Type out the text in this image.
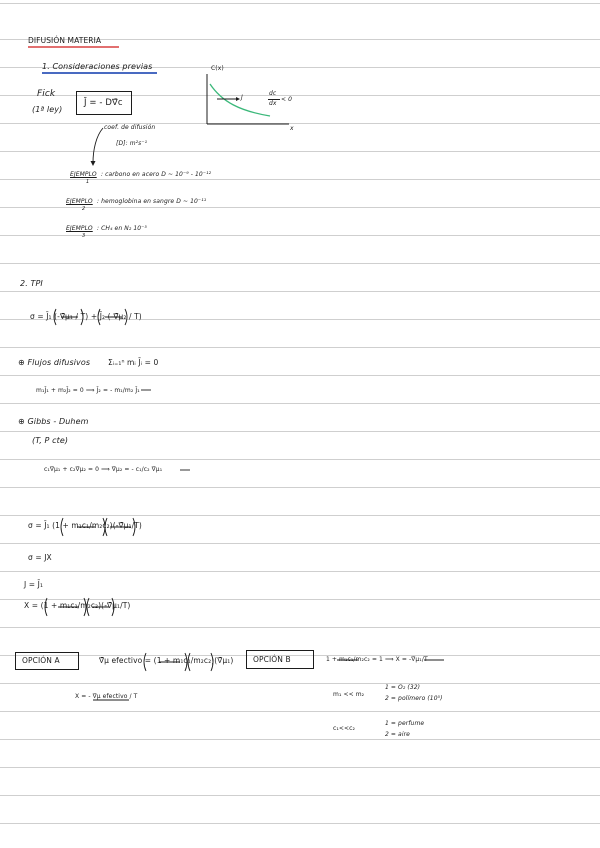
DIFUSIÓN MATERIA
1. Consideraciones previas
Fick
(1ª ley)
J̄ = - D∇̄c
coef. de difusión
[D]: m²s⁻¹
C(x)
x
J
dc
dx
< 0
EJEMPLO : carbono en acero D ~ 10⁻⁹ - 10⁻¹²
1
EJEMPLO : hemoglobina en sangre D ~ 10⁻¹¹
2
EJEMPLO : CH₄ en N₂ 10⁻⁵
3
2. TPI
σ = J̄₁ (-∇̄μ₁ / T) + J̄₂ (-∇̄μ₂ / T)
⊕ Flujos difusivos Σᵢ₌₁ⁿ mᵢ J̄ᵢ = 0
m₁J̄₁ + m₂J̄₂ = 0 ⟹ J̄₂ = - m₁/m₂ J̄₁
⊕ Gibbs - Duhem
(T, P cte)
c₁∇̄μ₁ + c₂∇̄μ₂ = 0 ⟹ ∇̄μ₂ = - c₁/c₂ ∇̄μ₁
σ = J̄₁ (1 + m₁c₁/m₂c₂)(-∇̄μ₁/T)
σ = JX
J = J̄₁
X = (1 + m₁c₁/m₂c₂)(-∇̄μ₁/T)
OPCIÓN A	∇̄μ efectivo = (1 + m₁c₁/m₂c₂)(∇̄μ₁)
X = - ∇̄μ efectivo / T
OPCIÓN B	1 + m₁c₁/m₂c₂ ≃ 1 ⟹ X = -∇̄μ₁/T
m₁ << m₂
1 = O₂ (32)
2 = polímero (10⁵)
c₁<<c₂
1 = perfume
2 = aire
